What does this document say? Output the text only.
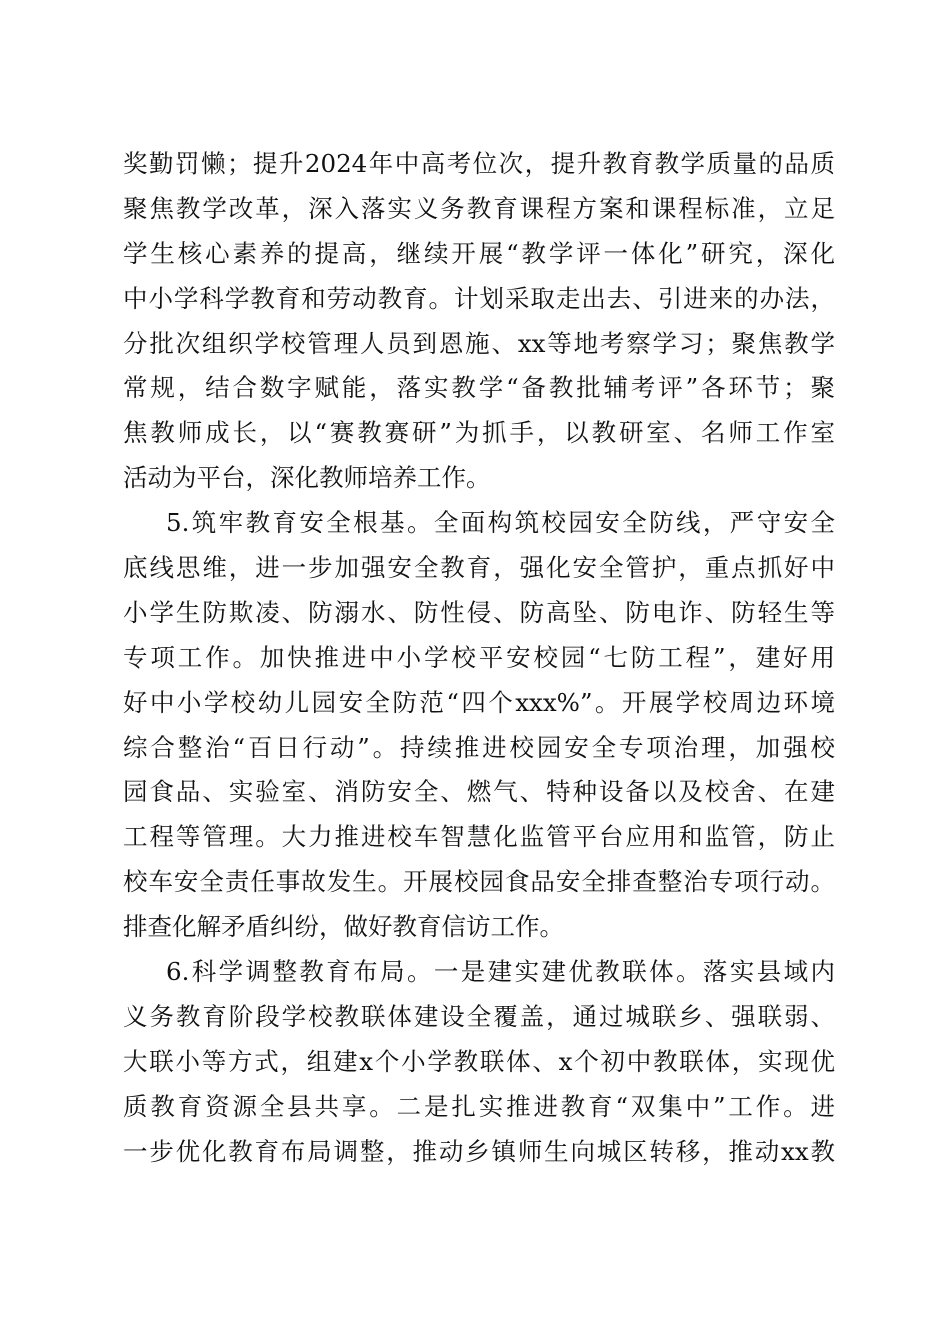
奖勤罚懒；提升2024年中高考位次，提升教育教学质量的品质
聚焦教学改革，深入落实义务教育课程方案和课程标准，立足
学生核心素养的提高，继续开展“教学评一体化”研究，深化
中小学科学教育和劳动教育。计划采取走出去、引进来的办法，
分批次组织学校管理人员到恩施、xx等地考察学习；聚焦教学
常规，结合数字赋能，落实教学“备教批辅考评”各环节；聚
焦教师成长，以“赛教赛研”为抓手，以教研室、名师工作室
活动为平台，深化教师培养工作。
5.筑牢教育安全根基。全面构筑校园安全防线，严守安全
底线思维，进一步加强安全教育，强化安全管护，重点抓好中
小学生防欺凌、防溺水、防性侵、防高坠、防电诈、防轻生等
专项工作。加快推进中小学校平安校园“七防工程”，建好用
好中小学校幼儿园安全防范“四个xxx%”。开展学校周边环境
综合整治“百日行动”。持续推进校园安全专项治理，加强校
园食品、实验室、消防安全、燃气、特种设备以及校舍、在建
工程等管理。大力推进校车智慧化监管平台应用和监管，防止
校车安全责任事故发生。开展校园食品安全排查整治专项行动。
排查化解矛盾纠纷，做好教育信访工作。
6.科学调整教育布局。一是建实建优教联体。落实县域内
义务教育阶段学校教联体建设全覆盖，通过城联乡、强联弱、
大联小等方式，组建x个小学教联体、x个初中教联体，实现优
质教育资源全县共享。二是扎实推进教育“双集中”工作。进
一步优化教育布局调整，推动乡镇师生向城区转移，推动xx教
